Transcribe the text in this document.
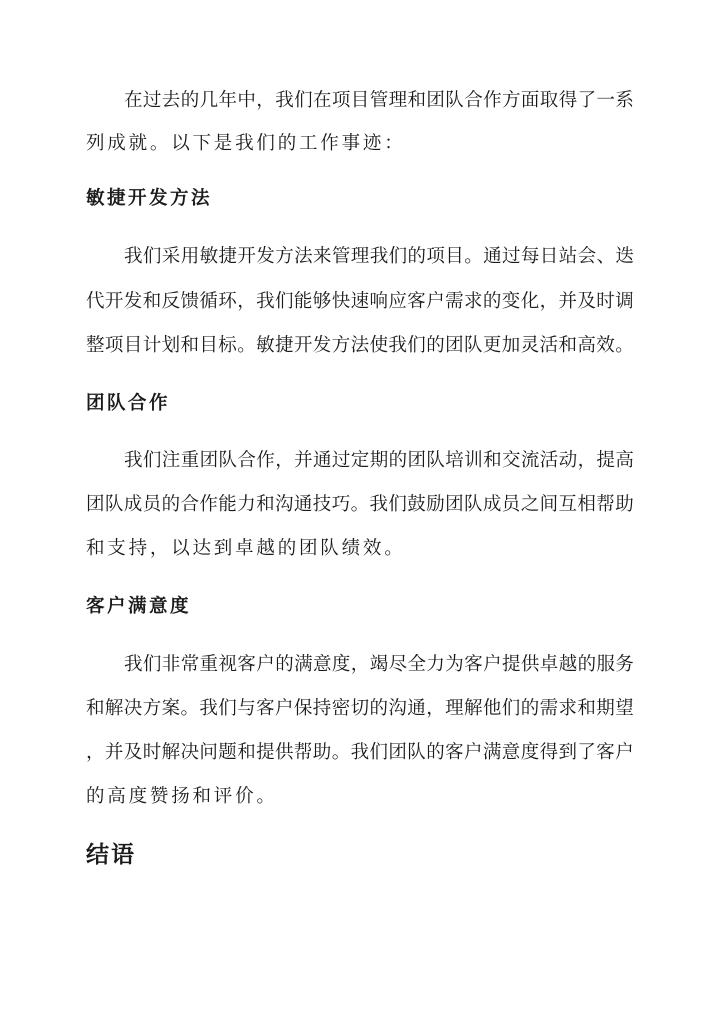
在过去的几年中，我们在项目管理和团队合作方面取得了一系
列成就。以下是我们的工作事迹：
敏捷开发方法
我们采用敏捷开发方法来管理我们的项目。通过每日站会、迭
代开发和反馈循环，我们能够快速响应客户需求的变化，并及时调
整项目计划和目标。敏捷开发方法使我们的团队更加灵活和高效。
团队合作
我们注重团队合作，并通过定期的团队培训和交流活动，提高
团队成员的合作能力和沟通技巧。我们鼓励团队成员之间互相帮助
和支持，以达到卓越的团队绩效。
客户满意度
我们非常重视客户的满意度，竭尽全力为客户提供卓越的服务
和解决方案。我们与客户保持密切的沟通，理解他们的需求和期望
，并及时解决问题和提供帮助。我们团队的客户满意度得到了客户
的高度赞扬和评价。
结语
